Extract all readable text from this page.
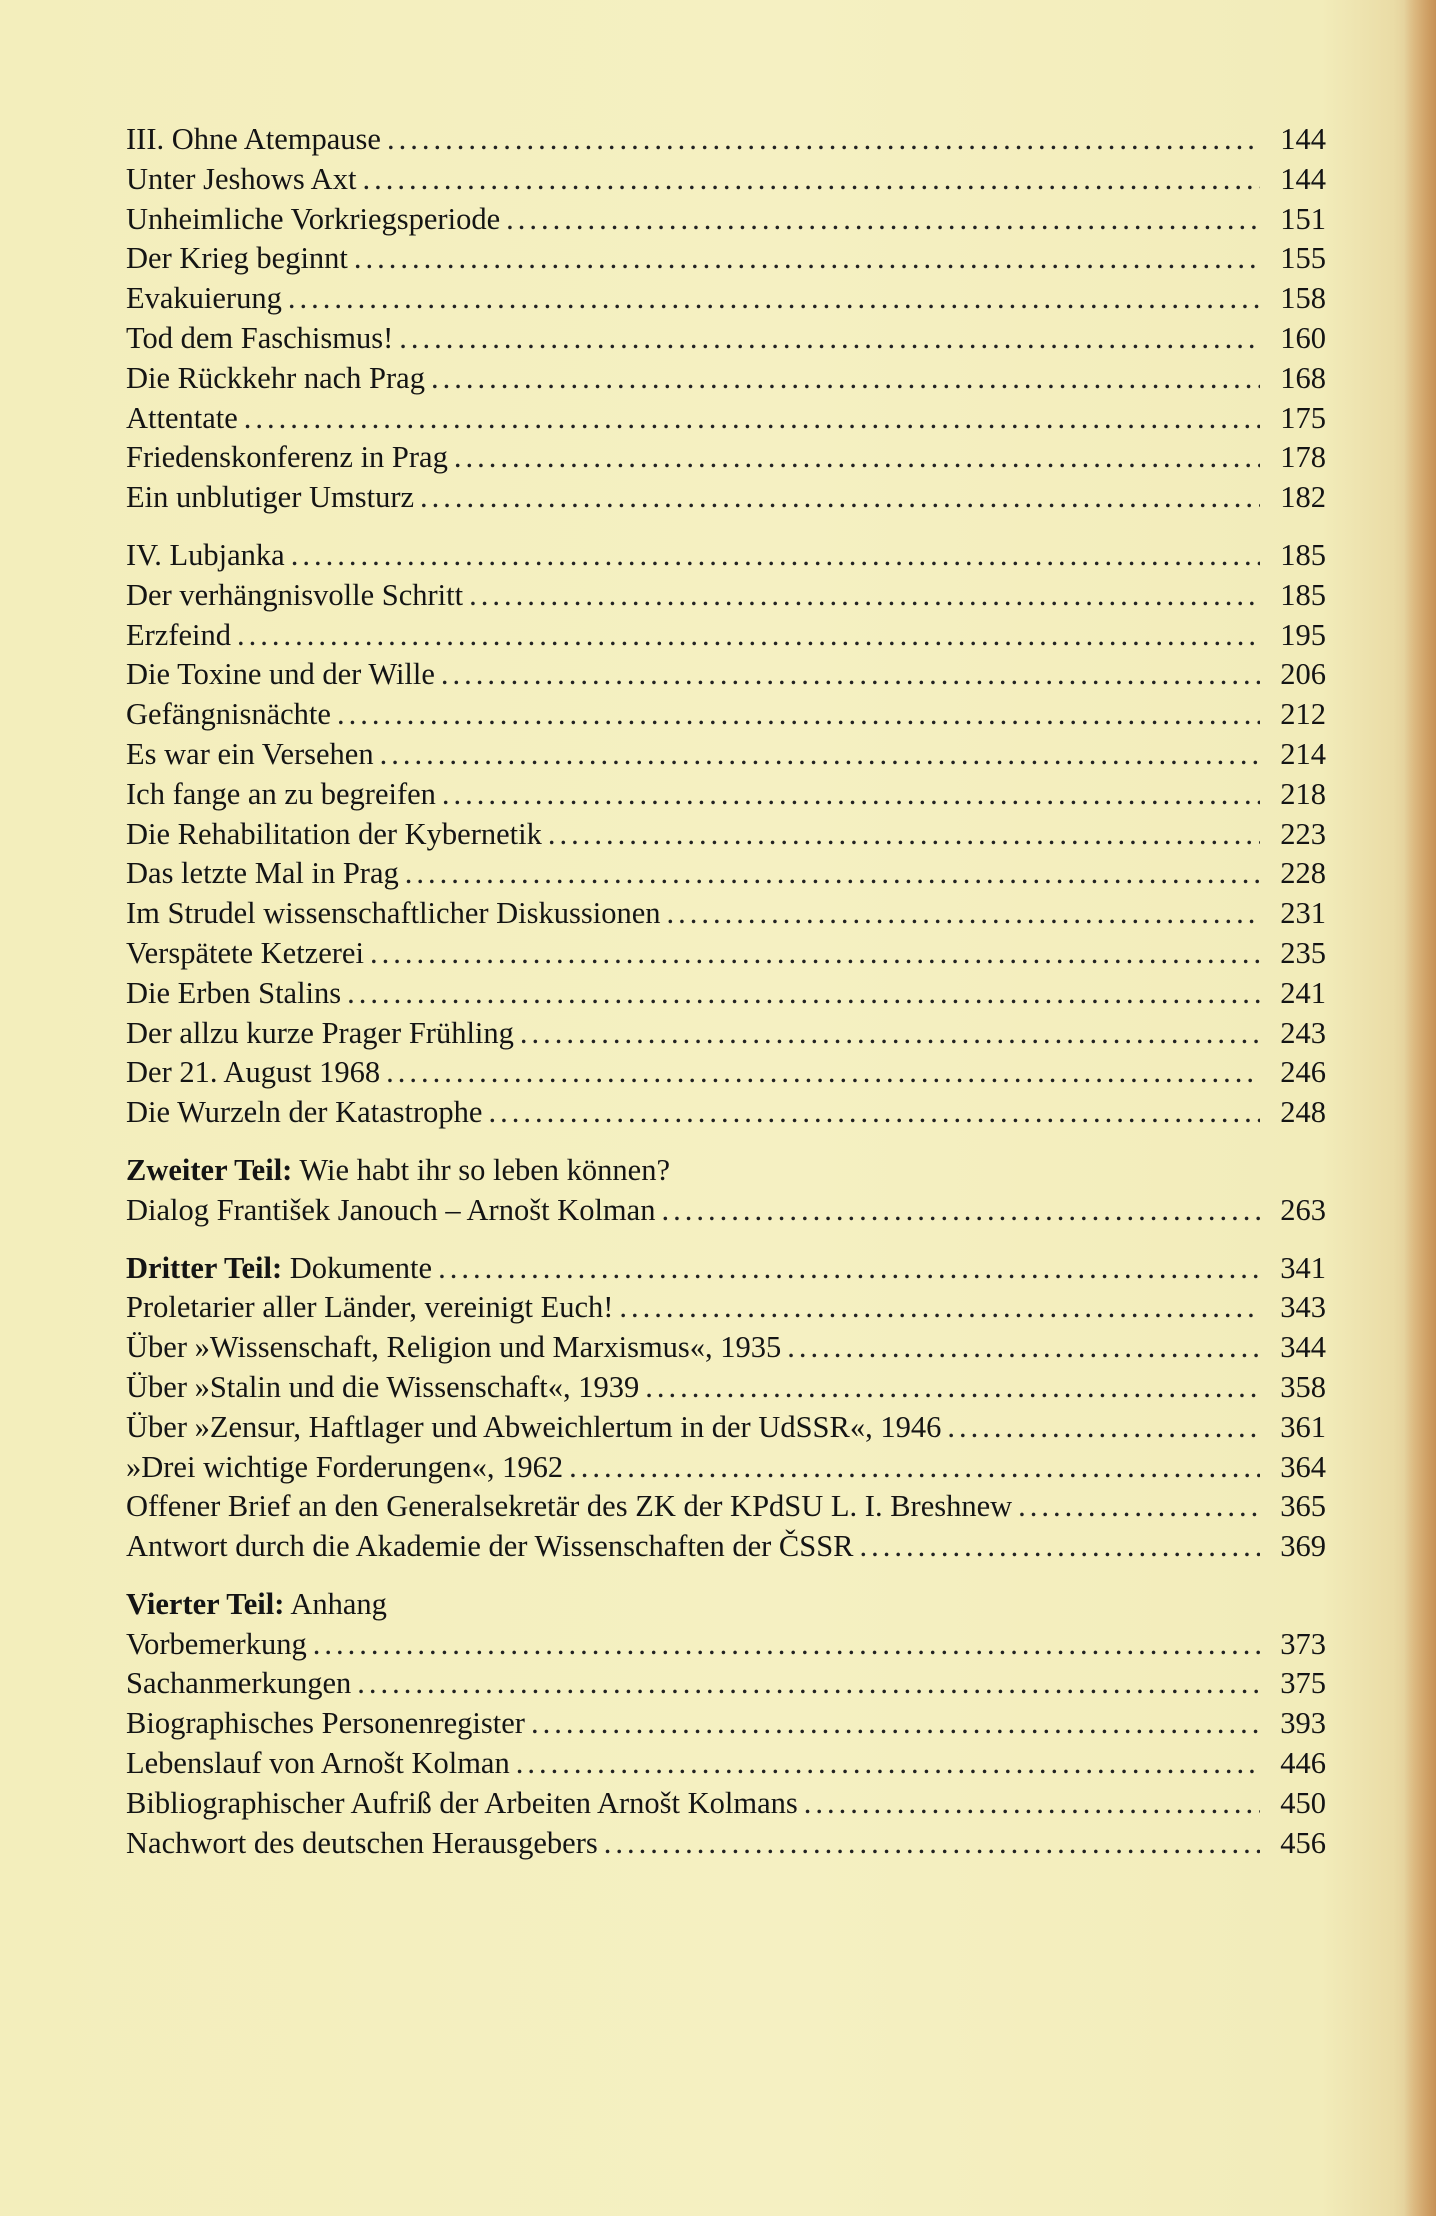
III. Ohne Atempause .....	144
Unter Jeshows Axt .....	144
Unheimliche Vorkriegsperiode .....	151
Der Krieg beginnt .....	155
Evakuierung .....	158
Tod dem Faschismus! .....	160
Die Rückkehr nach Prag .....	168
Attentate .....	175
Friedenskonferenz in Prag .....	178
Ein unblutiger Umsturz .....	182
IV. Lubjanka .....	185
Der verhängnisvolle Schritt .....	185
Erzfeind .....	195
Die Toxine und der Wille .....	206
Gefängnisnächte .....	212
Es war ein Versehen .....	214
Ich fange an zu begreifen .....	218
Die Rehabilitation der Kybernetik .....	223
Das letzte Mal in Prag .....	228
Im Strudel wissenschaftlicher Diskussionen .....	231
Verspätete Ketzerei .....	235
Die Erben Stalins .....	241
Der allzu kurze Prager Frühling .....	243
Der 21. August 1968 .....	246
Die Wurzeln der Katastrophe .....	248
Zweiter Teil: Wie habt ihr so leben können?
Dialog František Janouch – Arnošt Kolman .....	263
Dritter Teil: Dokumente .....	341
Proletarier aller Länder, vereinigt Euch! .....	343
Über »Wissenschaft, Religion und Marxismus«, 1935 .....	344
Über »Stalin und die Wissenschaft«, 1939 .....	358
Über »Zensur, Haftlager und Abweichlertum in der UdSSR«, 1946 .....	361
»Drei wichtige Forderungen«, 1962 .....	364
Offener Brief an den Generalsekretär des ZK der KPdSU L. I. Breshnew .....	365
Antwort durch die Akademie der Wissenschaften der ČSSR .....	369
Vierter Teil: Anhang
Vorbemerkung .....	373
Sachanmerkungen .....	375
Biographisches Personenregister .....	393
Lebenslauf von Arnošt Kolman .....	446
Bibliographischer Aufriß der Arbeiten Arnošt Kolmans .....	450
Nachwort des deutschen Herausgebers .....	456
